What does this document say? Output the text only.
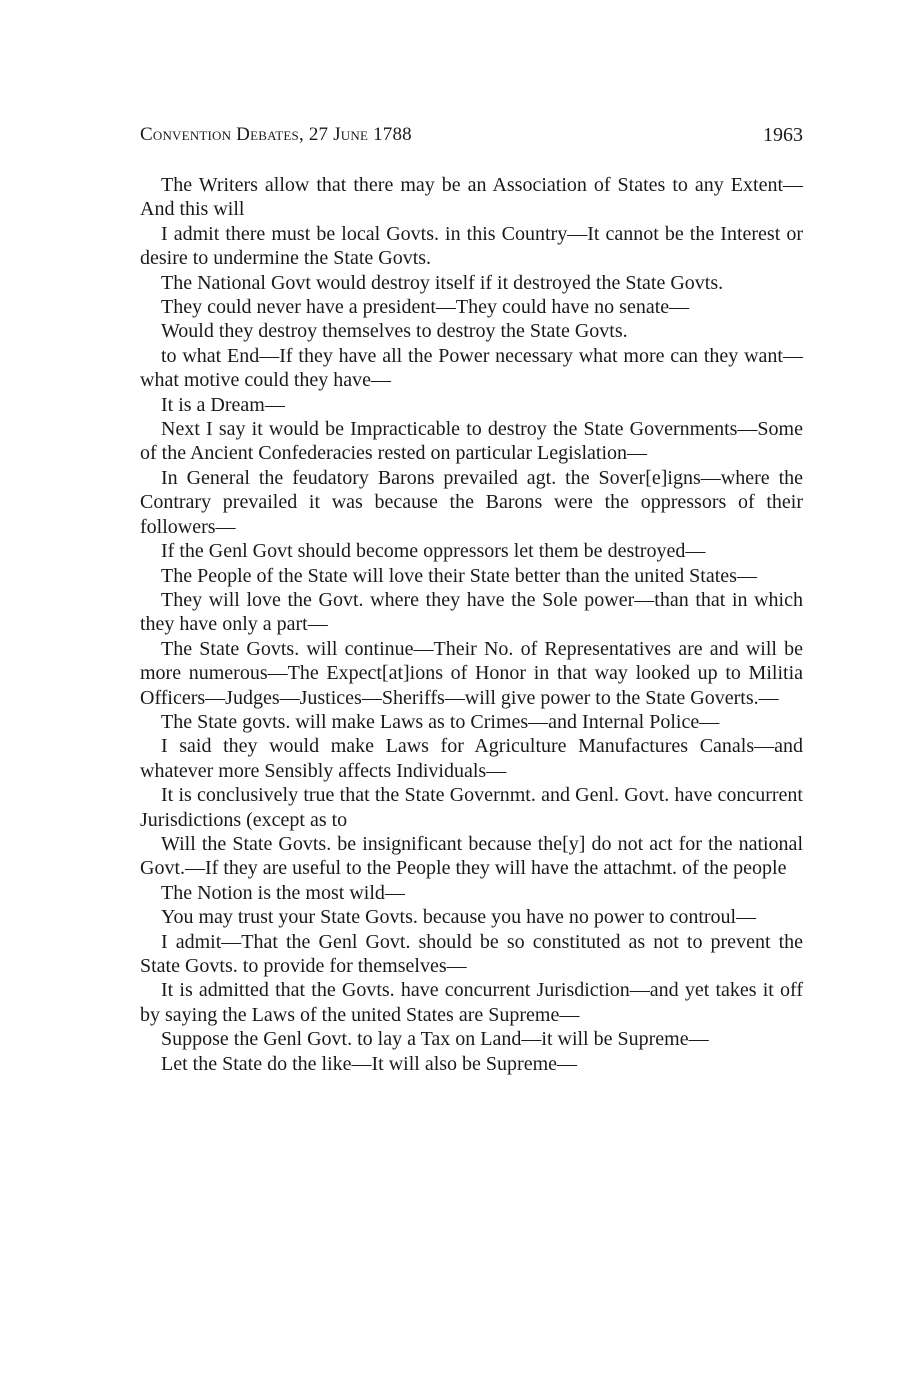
Convention Debates, 27 June 1788	1963

The Writers allow that there may be an Association of States to any Extent—And this will

I admit there must be local Govts. in this Country—It cannot be the Interest or desire to undermine the State Govts.

The National Govt would destroy itself if it destroyed the State Govts.

They could never have a president—They could have no senate—

Would they destroy themselves to destroy the State Govts.

to what End—If they have all the Power necessary what more can they want—what motive could they have—

It is a Dream—

Next I say it would be Impracticable to destroy the State Governments—Some of the Ancient Confederacies rested on particular Legislation—

In General the feudatory Barons prevailed agt. the Sover[e]igns—where the Contrary prevailed it was because the Barons were the oppressors of their followers—

If the Genl Govt should become oppressors let them be destroyed—

The People of the State will love their State better than the united States—

They will love the Govt. where they have the Sole power—than that in which they have only a part—

The State Govts. will continue—Their No. of Representatives are and will be more numerous—The Expect[at]ions of Honor in that way looked up to Militia Officers—Judges—Justices—Sheriffs—will give power to the State Goverts.—

The State govts. will make Laws as to Crimes—and Internal Police—

I said they would make Laws for Agriculture Manufactures Canals—and whatever more Sensibly affects Individuals—

It is conclusively true that the State Governmt. and Genl. Govt. have concurrent Jurisdictions (except as to

Will the State Govts. be insignificant because the[y] do not act for the national Govt.—If they are useful to the People they will have the attachmt. of the people

The Notion is the most wild—

You may trust your State Govts. because you have no power to controul—

I admit—That the Genl Govt. should be so constituted as not to prevent the State Govts. to provide for themselves—

It is admitted that the Govts. have concurrent Jurisdiction—and yet takes it off by saying the Laws of the united States are Supreme—

Suppose the Genl Govt. to lay a Tax on Land—it will be Supreme—

Let the State do the like—It will also be Supreme—
